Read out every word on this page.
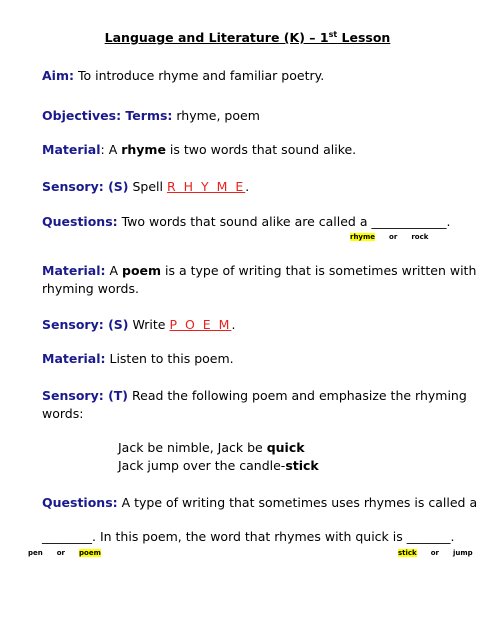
Language and Literature (K) – 1st Lesson
Aim: To introduce rhyme and familiar poetry.
Objectives: Terms: rhyme, poem
Material: A rhyme is two words that sound alike.
Sensory: (S) Spell R H Y M E.
Questions: Two words that sound alike are called a ____________.
rhyme or rock
Material: A poem is a type of writing that is sometimes written with
rhyming words.
Sensory: (S) Write P O E M.
Material: Listen to this poem.
Sensory: (T) Read the following poem and emphasize the rhyming
words:
Jack be nimble, Jack be quick
Jack jump over the candle-stick
Questions: A type of writing that sometimes uses rhymes is called a
________. In this poem, the word that rhymes with quick is _______.
pen or poem	stick or jump
